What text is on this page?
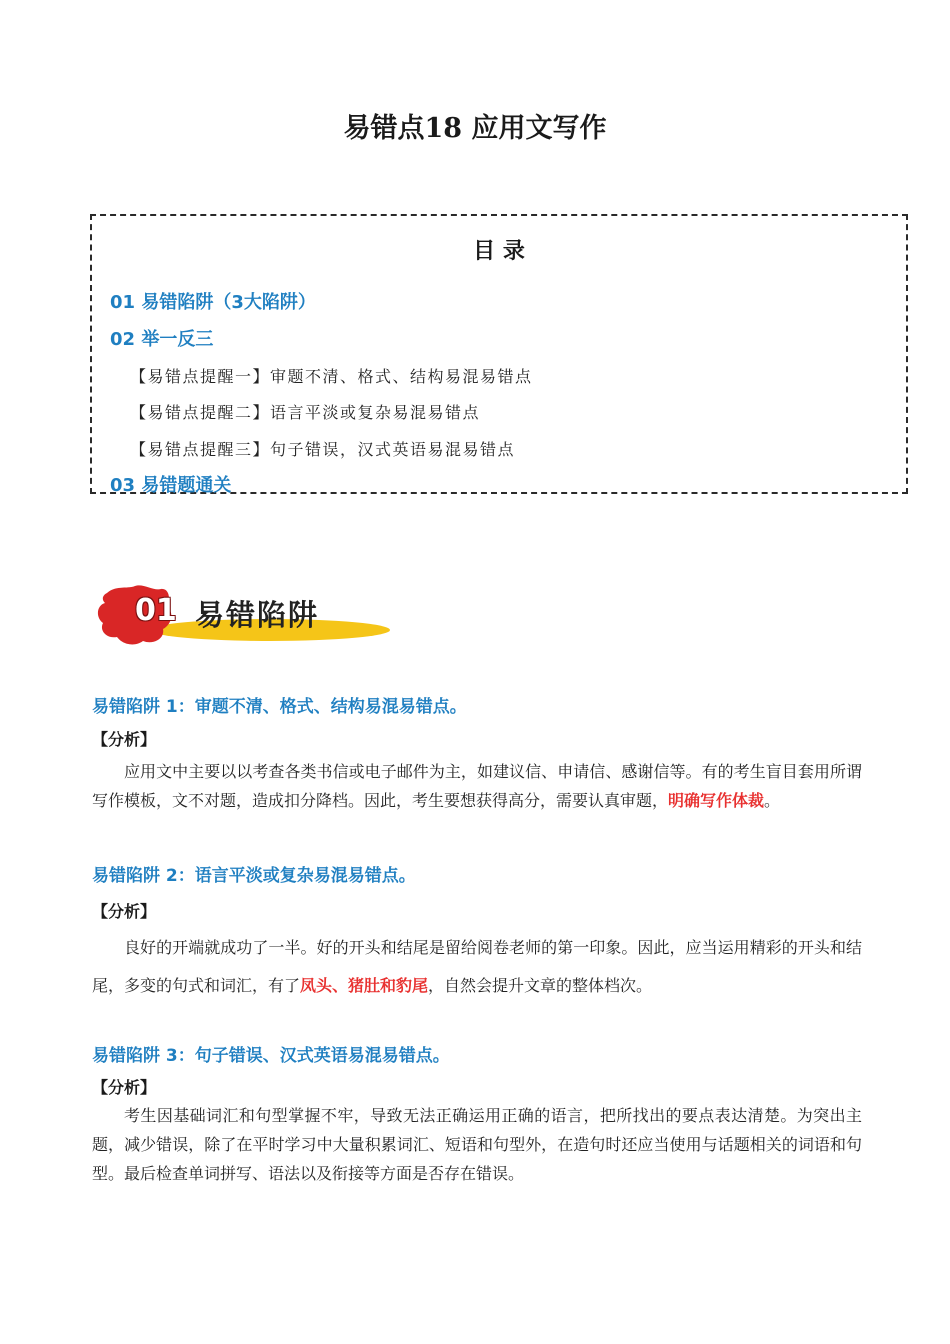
易错点18 应用文写作
目 录
01 易错陷阱（3大陷阱）
02 举一反三
【易错点提醒一】审题不清、格式、结构易混易错点
【易错点提醒二】语言平淡或复杂易混易错点
【易错点提醒三】句子错误，汉式英语易混易错点
03 易错题通关
01 易错陷阱
易错陷阱 1：审题不清、格式、结构易混易错点。
【分析】

应用文中主要以以考查各类书信或电子邮件为主，如建议信、申请信、感谢信等。有的考生盲目套用所谓写作模板，文不对题，造成扣分降档。因此，考生要想获得高分，需要认真审题，明确写作体裁。

易错陷阱 2：语言平淡或复杂易混易错点。
【分析】

良好的开端就成功了一半。好的开头和结尾是留给阅卷老师的第一印象。因此，应当运用精彩的开头和结尾，多变的句式和词汇，有了凤头、猪肚和豹尾，自然会提升文章的整体档次。

易错陷阱 3：句子错误、汉式英语易混易错点。
【分析】

考生因基础词汇和句型掌握不牢，导致无法正确运用正确的语言，把所找出的要点表达清楚。为突出主题，减少错误，除了在平时学习中大量积累词汇、短语和句型外，在造句时还应当使用与话题相关的词语和句型。最后检查单词拼写、语法以及衔接等方面是否存在错误。
